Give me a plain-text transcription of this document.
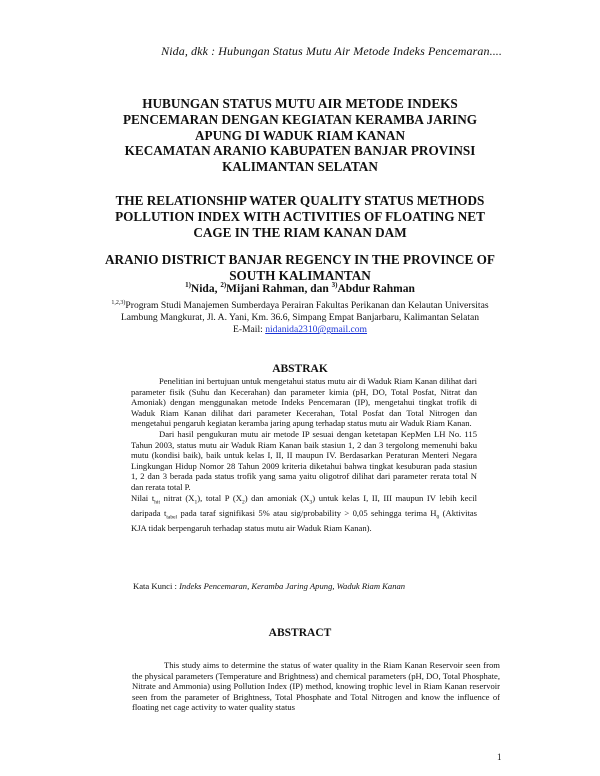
Nida, dkk : Hubungan Status Mutu Air Metode Indeks Pencemaran....
HUBUNGAN STATUS MUTU AIR METODE INDEKS
PENCEMARAN DENGAN KEGIATAN KERAMBA JARING
APUNG DI WADUK RIAM KANAN
KECAMATAN ARANIO KABUPATEN BANJAR PROVINSI
KALIMANTAN SELATAN
THE RELATIONSHIP WATER QUALITY STATUS METHODS
POLLUTION INDEX WITH ACTIVITIES OF FLOATING NET
CAGE IN THE RIAM KANAN DAM
ARANIO DISTRICT BANJAR REGENCY IN THE PROVINCE OF
SOUTH KALIMANTAN
$^{1)}$Nida, $^{2)}$Mijani Rahman, dan $^{3)}$Abdur Rahman
$^{1,2,3)}$Program Studi Manajemen Sumberdaya Perairan Fakultas Perikanan dan Kelautan Universitas
Lambung Mangkurat, Jl. A. Yani, Km. 36.6, Simpang Empat Banjarbaru, Kalimantan Selatan
E-Mail: nidanida2310@gmail.com
ABSTRAK

Penelitian ini bertujuan untuk mengetahui status mutu air di Waduk Riam Kanan dilihat dari parameter fisik (Suhu dan Kecerahan) dan parameter kimia (pH, DO, Total Posfat, Nitrat dan Amoniak) dengan menggunakan metode Indeks Pencemaran (IP), mengetahui tingkat trofik di Waduk Riam Kanan dilihat dari parameter Kecerahan, Total Posfat dan Total Nitrogen dan mengetahui pengaruh kegiatan keramba jaring apung terhadap status mutu air Waduk Riam Kanan.

Dari hasil pengukuran mutu air metode IP sesuai dengan ketetapan KepMen LH No. 115 Tahun 2003, status mutu air Waduk Riam Kanan baik stasiun 1, 2 dan 3 tergolong memenuhi baku mutu (kondisi baik), baik untuk kelas I, II, II maupun IV. Berdasarkan Peraturan Menteri Negara Lingkungan Hidup Nomor 28 Tahun 2009 kriteria diketahui bahwa tingkat kesuburan pada stasiun 1, 2 dan 3 berada pada status trofik yang sama yaitu oligotrof dilihat dari parameter rerata total N dan rerata total P.

Nilai $t_{hit}$ nitrat $(X_1)$, total P $(X_2)$ dan amoniak $(X_3)$ untuk kelas I, II, III maupun IV lebih kecil daripada $t_{tabel}$ pada taraf signifikasi 5% atau sig/probability > 0,05 sehingga terima $H_0$ (Aktivitas KJA tidak berpengaruh terhadap status mutu air Waduk Riam Kanan).

Kata Kunci : Indeks Pencemaran, Keramba Jaring Apung, Waduk Riam Kanan
ABSTRACT

This study aims to determine the status of water quality in the Riam Kanan Reservoir seen from the physical parameters (Temperature and Brightness) and chemical parameters (pH, DO, Total Phosphate, Nitrate and Ammonia) using Pollution Index (IP) method, knowing trophic level in Riam Kanan reservoir seen from the parameter of Brightness, Total Phosphate and Total Nitrogen and know the influence of floating net cage activity to water quality status

1
